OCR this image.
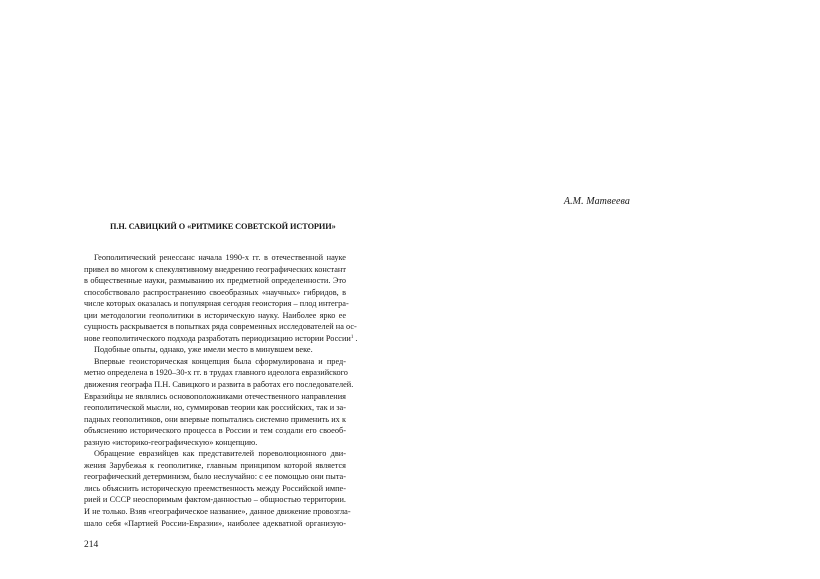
А.М. Матвеева
П.Н. САВИЦКИЙ О «РИТМИКЕ СОВЕТСКОЙ ИСТОРИИ»
Геополитический ренессанс начала 1990-х гг. в отечественной науке
привел во многом к спекулятивному внедрению географических констант
в общественные науки, размыванию их предметной определенности. Это
способствовало распространению своеобразных «научных» гибридов, в
числе которых оказалась и популярная сегодня геоистория – плод интегра-
ции методологии геополитики в историческую науку. Наиболее ярко ее
сущность раскрывается в попытках ряда современных исследователей на ос-
нове геополитического подхода разработать периодизацию истории России$^1$ .
Подобные опыты, однако, уже имели место в минувшем веке.
Впервые геоисторическая концепция была сформулирована и пред-
метно определена в 1920–30-х гг. в трудах главного идеолога евразийского
движения географа П.Н. Савицкого и развита в работах его последователей.
Евразийцы не являлись основоположниками отечественного направления
геополитической мысли, но, суммировав теории как российских, так и за-
падных геополитиков, они впервые попытались системно применить их к
объяснению исторического процесса в России и тем создали его своеоб-
разную «историко-географическую» концепцию.
Обращение евразийцев как представителей пореволюционного дви-
жения Зарубежья к геополитике, главным принципом которой является
географический детерминизм, было неслучайно: с ее помощью они пыта-
лись объяснить историческую преемственность между Российской импе-
рией и СССР неоспоримым фактом-данностью – общностью территории.
И не только. Взяв «географическое название», данное движение провозгла-
шало себя «Партией России-Евразии», наиболее адекватной организую-
214
